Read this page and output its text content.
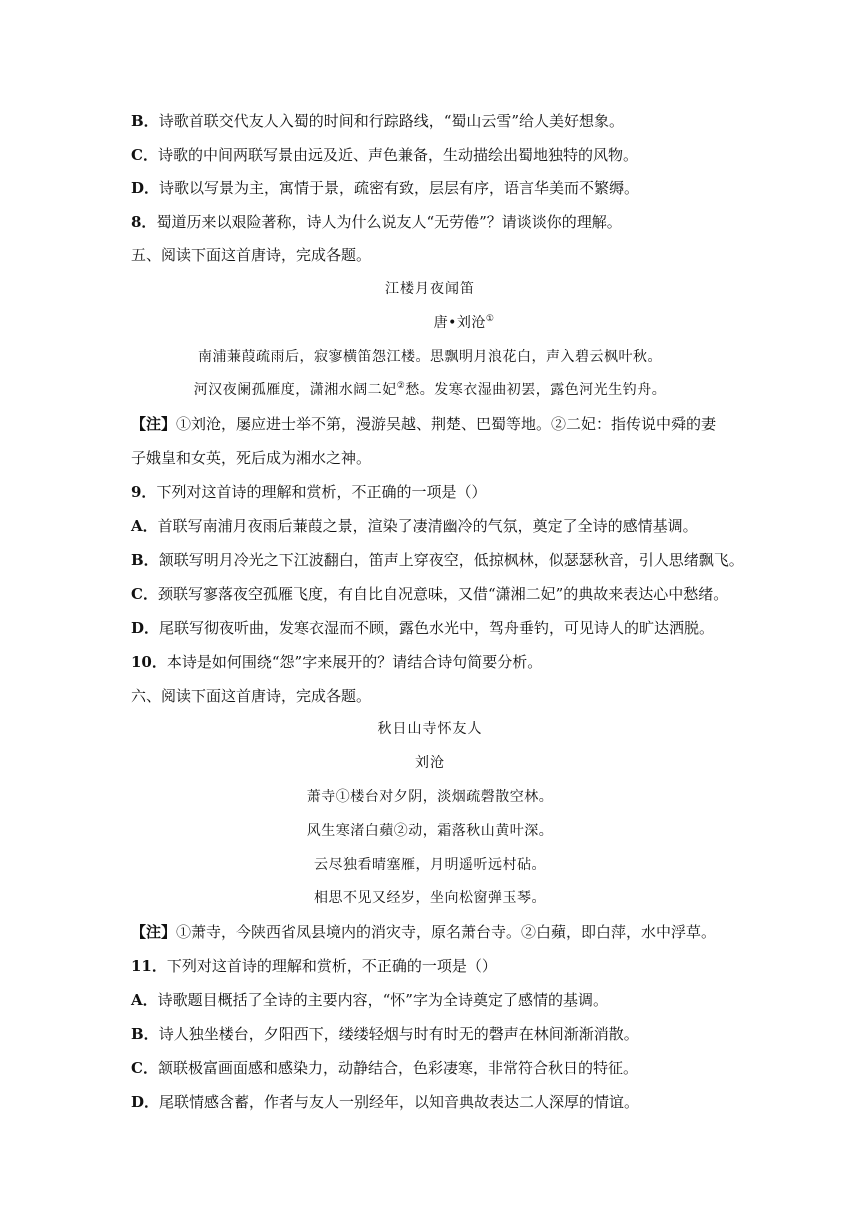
B．诗歌首联交代友人入蜀的时间和行踪路线，“蜀山云雪”给人美好想象。
C．诗歌的中间两联写景由远及近、声色兼备，生动描绘出蜀地独特的风物。
D．诗歌以写景为主，寓情于景，疏密有致，层层有序，语言华美而不繁缛。
8．蜀道历来以艰险著称，诗人为什么说友人“无劳倦”？请谈谈你的理解。
五、阅读下面这首唐诗，完成各题。
江楼月夜闻笛
唐•刘沧①
南浦蒹葭疏雨后，寂寥横笛怨江楼。思飘明月浪花白，声入碧云枫叶秋。
河汉夜阑孤雁度，潇湘水阔二妃②愁。发寒衣湿曲初罢，露色河光生钓舟。
【注】①刘沧，屡应进士举不第，漫游吴越、荆楚、巴蜀等地。②二妃：指传说中舜的妻
子娥皇和女英，死后成为湘水之神。
9．下列对这首诗的理解和赏析，不正确的一项是（）
A．首联写南浦月夜雨后蒹葭之景，渲染了凄清幽冷的气氛，奠定了全诗的感情基调。
B．颔联写明月冷光之下江波翻白，笛声上穿夜空，低掠枫林，似瑟瑟秋音，引人思绪飘飞。
C．颈联写寥落夜空孤雁飞度，有自比自况意味，又借“潇湘二妃”的典故来表达心中愁绪。
D．尾联写彻夜听曲，发寒衣湿而不顾，露色水光中，驾舟垂钓，可见诗人的旷达洒脱。
10．本诗是如何围绕“怨”字来展开的？请结合诗句简要分析。
六、阅读下面这首唐诗，完成各题。
秋日山寺怀友人
刘沧
萧寺①楼台对夕阴，淡烟疏磬散空林。
风生寒渚白蘋②动，霜落秋山黄叶深。
云尽独看晴塞雁，月明遥听远村砧。
相思不见又经岁，坐向松窗弹玉琴。
【注】①萧寺，今陕西省凤县境内的消灾寺，原名萧台寺。②白蘋，即白萍，水中浮草。
11．下列对这首诗的理解和赏析，不正确的一项是（）
A．诗歌题目概括了全诗的主要内容，“怀”字为全诗奠定了感情的基调。
B．诗人独坐楼台，夕阳西下，缕缕轻烟与时有时无的磬声在林间渐渐消散。
C．颔联极富画面感和感染力，动静结合，色彩凄寒，非常符合秋日的特征。
D．尾联情感含蓄，作者与友人一别经年，以知音典故表达二人深厚的情谊。
